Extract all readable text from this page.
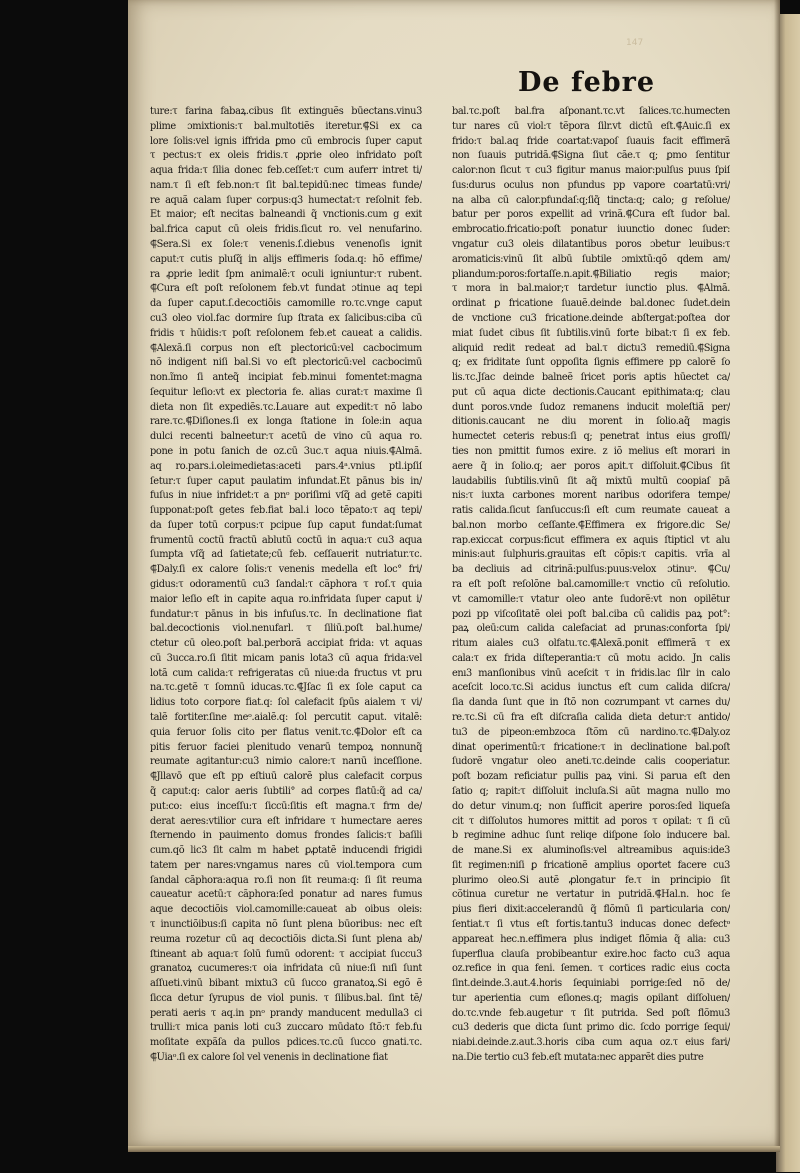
147
De febre
ture:τ farina fabaꝝ.cibus ſit extinguẽs būectans.vinu3
plime ɔmixtionis:τ bal.multotiẽs iteretur.⸿Si ex ca
lore ſolis:vel ignis iffrida ꝑmo cū embrocis ſuper caput
τ pectus:τ ex oleis fridis.τ ꝓprie oleo infridato poſt
aqua frida:τ ſilia donec feb.ceſſet:τ cum auferr intret ti/
nam.τ ſi eſt feb.non:τ ſit bal.tepidū:nec timeas funde/
re aquã calam ſuper corpus:q3 humectat:τ reſolnit feb.
Et maior; eſt necitas balneandi q̃ vnctionis.cum g exit
bal.frica caput cū oleis fridis.ſicut ro. vel nenufarino.
⸿Sera.Si ex ſole:τ venenis.ſ.diebus venenoſis ignit
caput:τ cutis pluſq̃ in alijs effimeris ſoda.q: hõ effime/
ra ꝓprie ledit ſpm animalẽ:τ oculi igniuntur:τ rubent.
⸿Cura eſt poſt reſolonem feb.vt fundat ɔtinue aq tepi
da ſuper caput.ſ.decoctiõis camomille ro.τc.vnge caput
cu3 oleo viol.fac dormire ſup ſtrata ex ſalicibus:ciba cū
fridis τ hūidis:τ poſt reſolonem feb.et caueat a calidis.
⸿Alexã.ſi corpus non eſt plectoricū:vel cacbocimum
nõ indigent niſi bal.Si vo eſt plectoricū:vel cacbocimū
non.ĩmo ſi anteq̃ incipiat feb.minui fomentet:magna
ſequitur leſio:vt ex plectoria fe. alias curat:τ maxime ſi
dieta non ſit expediẽs.τc.Lauare aut expedit:τ nõ labo
rare.τc.⸿Diſiones.ſi ex longa ſtatione in ſole:in aqua
dulci recenti balneetur:τ acetū de vino cū aqua ro.
pone in potu ſanich de oz.cū 3uc.τ aqua niuis.⸿Almã.
aq ro.pars.i.oleimedietas:aceti pars.4ᵃ.vnius ptl.ipſiſ
ſetur:τ ſuper caput paulatim infundat.Et pānus bis in/
fuſus in niue infridet:τ a pnᵒ poriſimi vſq̃ ad getẽ capiti
ſupponat:poſt getes feb.fiat bal.i loco tẽpato:τ aq tepi/
da ſuper totū corpus:τ pcipue ſup caput fundat:ſumat
frumentū coctū fractū ablutū coctū in aqua:τ cu3 aqua
ſumpta vſq̃ ad ſatietate;cū feb. ceſſauerit nutriatur.τc.
⸿Daly.ſi ex calore ſolis:τ venenis medella eſt loc° fri/
gidus:τ odoramentū cu3 ſandal:τ cãphora τ roſ.τ quia
maior leſio eſt in capite aqua ro.infridata ſuper caput i/
fundatur:τ pānus in bis infuſus.τc. In declinatione fiat
bal.decoctionis viol.nenufarl. τ ſiliū.poſt bal.hume/
ctetur cū oleo.poſt bal.perborã accipiat frida: vt aquas
cū 3ucca.ro.ſi ſitit micam panis lota3 cū aqua frida:vel
lotã cum calida:τ refrigeratas cū niue:da fructus vt pru
na.τc.getẽ τ ſomnū iducas.τc.⸿Jſac ſi ex ſole caput ca
lidius toto corpore fiat.q: ſol calefacit ſpūs aialem τ vi/
talẽ fortiter.ſine meᵒ.aialẽ.q: ſol percutit caput. vitalẽ:
quia feruor ſolis cito per flatus venit.τc.⸿Dolor eſt ca
pitis feruor faciei plenitudo venarū tempoꝝ nonnunq̃
reumate agitantur:cu3 nimio calore:τ narıū inceſſione.
⸿Jllavō que eſt pp eſtiuū calorẽ plus calefacit corpus
q̃ caput:q: calor aeris ſubtili° ad corpes flatū:q̃ ad ca/
put:co: eius inceſſu:τ ſiccū:ſitis eſt magna.τ frm de/
derat aeres:vtilior cura eſt infridare τ humectare aeres
ſternendo in pauimento domus frondes ſalicis:τ baſili
cum.qõ lic3 ſit calm m habet ꝑꝓtatẽ inducendi frigidi
tatem per nares:vngamus nares cū viol.tempora cum
ſandal cãphora:aqua ro.ſi non ſit reuma:q: ſi ſit reuma
caueatur acetū:τ cãphora:ſed ponatur ad nares fumus
aque decoctiõis viol.camomille:caueat ab oibus oleis:
τ inunctiõibus:ſi capita nõ ſunt plena būoribus: nec eſt
reuma rozetur cū aq decoctiõis dicta.Si ſunt plena ab/
ſtineant ab aqua:τ ſolū fumū odorent: τ accipiat ſuccu3
granatoꝝ cucumeres:τ oia infridata cū niue:ſi nıſi ſunt
aſſueti.vinū bibant mixtu3 cū ſucco granatoꝝ.Si egõ ẽ
ſicca detur ſyrupus de viol punis. τ ſilibus.bal. ſint tẽ/
perati aeris τ aq.in pnᵒ prandy manducent medulla3 ci
trulli:τ mica panis loti cu3 zuccaro mūdato ſtõ:τ feb.fu
moſitate expãſa da pullos pdices.τc.cū ſucco gnati.τc.
⸿Uiaᵒ.ſi ex calore ſol vel venenis in declinatione fiat
bal.τc.poſt bal.fra aſponant.τc.vt ſalices.τc.humecten
tur nares cū viol:τ tẽpora ſilr.vt dictū eſt.⸿Auic.ſi ex
frido:τ bal.aq fride coartat:vapoſ ſuauis facit effimerã
non ſuauis putridã.⸿Signa ſiut cãe.τ q; ꝑmo ſentitur
calor:non ſicut τ cu3 figitur manus maior:pulſus puus ſpiſ
ſus:durus oculus non pfundus pp vapore coartatū:vri/
na alba cū calor.pfundaſ:q;ſiq̃ tincta:q; calo; g reſolue/
batur per poros expellit ad vrinã.⸿Cura eſt ſudor bal.
embrocatio.fricatio:poſt ponatur iuunctio donec ſuder:
vngatur cu3 oleis dilatantibus poros ɔbetur leuibus:τ
aromaticis:vinū ſit albū ſubtile ɔmixtū:qõ qdem am/
pliandum:poros:fortaſſe.n.apit.⸿Biliatio regis maior;
τ mora in bal.maior;τ tardetur iunctio plus. ⸿Almã.
ordinat ꝑ fricatione ſuauẽ.deinde bal.donec ſudet.dein
de vnctione cu3 fricatione.deinde abſtergat:poſtea dor
miat ſudet cibus ſit ſubtilis.vinū forte bibat:τ ſi ex feb.
aliquid redit redeat ad bal.τ dictu3 remediū.⸿Signa
q; ex friditate ſunt oppoſita ſignis effimere pp calorẽ ſo
lis.τc.Jſac deinde balneẽ ſricet poris aptis hūectet ca/
put cū aqua dicte dectionis.Caucant epithimata:q; clau
dunt poros.vnde ſudoz remanens inducit moleſtiã per/
ditionis.caucant ne diu morent in ſolio.aq̃ magis
humectet ceteris rebus:ſi q; penetrat intus eius groſſi/
ties non pmittit fumos exire. z iõ melius eſt morari in
aere q̃ in ſolio.q; aer poros apit.τ diſſoluit.⸿Cibus ſit
laudabilis ſubtilis.vinū ſit aq̃ mixtū multū coopiaſ pā
nis:τ iuxta carbones morent naribus odorifera tempe/
ratis calida.ſicut ſanſuccus:ſi eſt cum reumate caueat a
bal.non morbo ceſſante.⸿Effimera ex frigore.dic Se/
rap.exiccat corpus:ficut effimera ex aquis ſtipticl vt alu
minis:aut ſulphuris.grauitas eſt cõpis:τ capitis. vrīa al
ba decliuis ad citrinã:pulſus:puus:velox ɔtinuᵒ. ⸿Cu/
ra eſt poſt reſolõne bal.camomille:τ vnctio cū reſolutio.
vt camomille:τ vtatur oleo ante ſudorẽ:vt non opilẽtur
pozi pp viſcoſitatẽ olei poſt bal.ciba cū calidis paꝝ pot°:
paꝝ oleū:cum calida calefaciat ad prunas:conforta ſpi/
ritum aiales cu3 olfatu.τc.⸿Alexã.ponit effimerã τ ex
cala:τ ex frida diſteperantia:τ cū motu acido. Jn calis
enı3 manſionibus vinū aceſcit τ in fridis.lac ſilr in calo
aceſcit loco.τc.Si acidus iunctus eſt cum calida diſcra/
ſia danda ſunt que in ſtõ non cozrumpant vt carnes du/
re.τc.Si cū fra eſt diſcraſia calida dieta detur:τ antido/
tu3 de pipeon:embzoca ſtõm cū nardino.τc.⸿Daly.oz
dinat operimentū:τ fricatione:τ in declinatione bal.poſt
ſudorẽ vngatur oleo aneti.τc.deinde calis cooperiatur.
poſt bozam reficiatur pullis paꝝ vini. Si parua eſt den
ſatio q; rapit:τ diſſoluit incluſa.Si aũt magna nullo mo
do detur vinum.q; non ſufficit aperire poros:ſed liqueſa
cit τ diſſolutos humores mittit ad poros τ opilat: τ ſi cū
b regimine adhuc ſunt reliqe diſpone ſolo inducere bal.
de mane.Si ex aluminoſis:vel altreamibus aquis:ide3
ſit regimen:niſi ꝑ fricationẽ amplius oportet facere cu3
plurimo oleo.Si autẽ ꝓlongatur fe.τ in principio ſit
cõtinua curetur ne vertatur in putridã.⸿Hal.n. hoc ſe
pius fieri dixit:accelerandū q̃ flõmū ſi particularia con/
ſentiat.τ ſi vtus eſt fortis.tantu3 inducas donec defectᵒ
appareat hec.n.effimera plus indiget flõmia q̃ alia: cu3
ſuperflua clauſa probibeantur exire.hoc facto cu3 aqua
oz.refice in qua feni. ſemen. τ cortices radic eius cocta
ſint.deinde.3.aut.4.horis ſequiniabi porrige:ſed nõ de/
tur aperientia cum eſiones.q; magis opilant diſſoluen/
do.τc.vnde feb.augetur τ ſit putrida. Sed poſt flõmu3
cu3 dederis que dicta ſunt primo dic. ſcdo porrige ſequi/
niabi.deinde.z.aut.3.horis ciba cum aqua oz.τ eius fari/
na.Die tertio cu3 feb.eſt mutata:nec apparẽt dies putre
